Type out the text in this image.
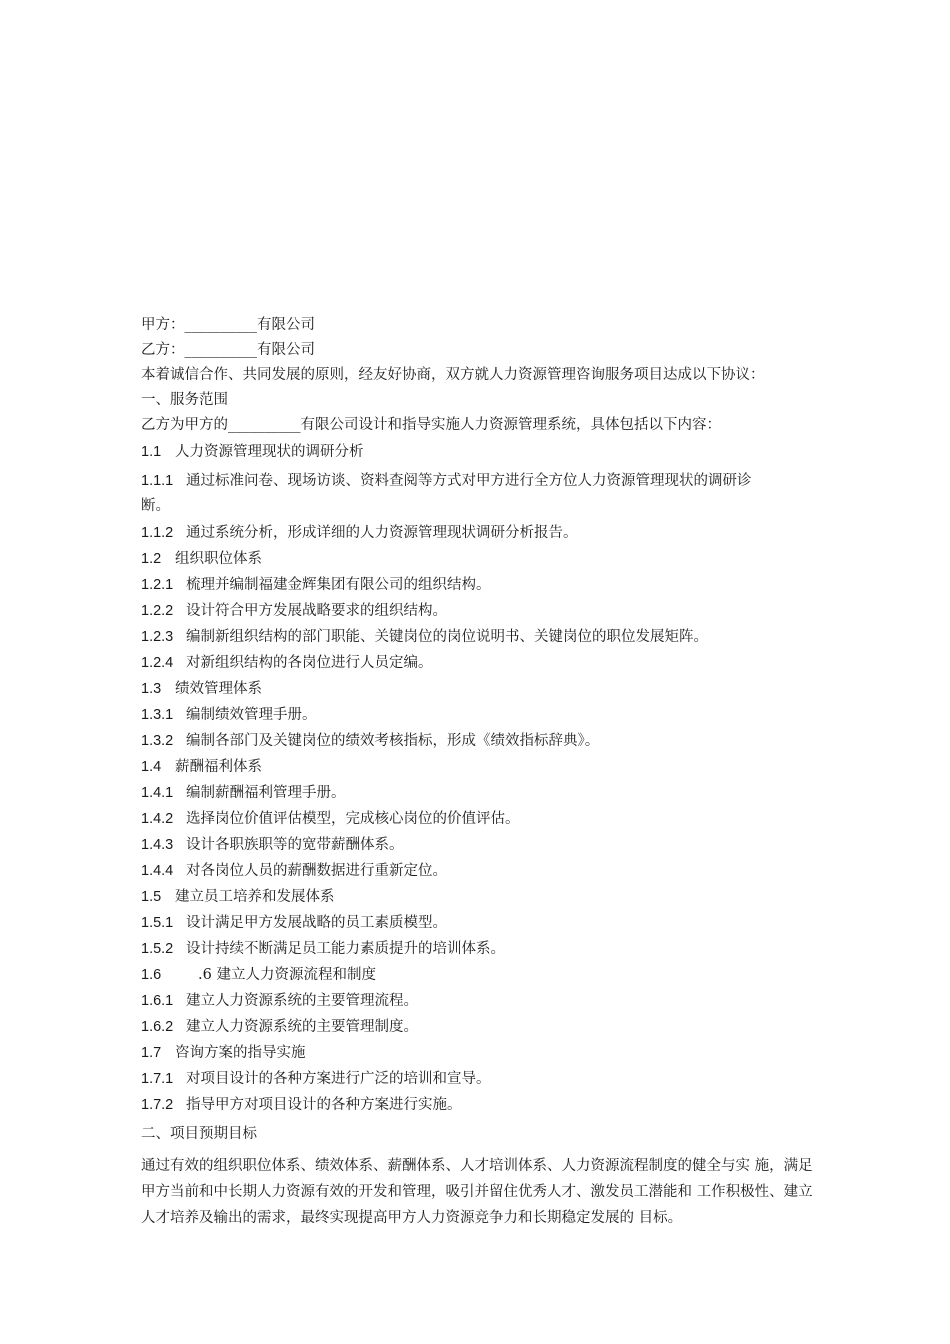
甲方：__________有限公司
乙方：__________有限公司
本着诚信合作、共同发展的原则，经友好协商，双方就人力资源管理咨询服务项目达成以下协议：
一、服务范围
乙方为甲方的__________有限公司设计和指导实施人力资源管理系统，具体包括以下内容：
1.1 人力资源管理现状的调研分析
1.1.1 通过标准问卷、现场访谈、资料查阅等方式对甲方进行全方位人力资源管理现状的调研诊
断。
1.1.2 通过系统分析，形成详细的人力资源管理现状调研分析报告。
1.2 组织职位体系
1.2.1 梳理并编制福建金辉集团有限公司的组织结构。
1.2.2 设计符合甲方发展战略要求的组织结构。
1.2.3 编制新组织结构的部门职能、关键岗位的岗位说明书、关键岗位的职位发展矩阵。
1.2.4 对新组织结构的各岗位进行人员定编。
1.3 绩效管理体系
1.3.1 编制绩效管理手册。
1.3.2 编制各部门及关键岗位的绩效考核指标，形成《绩效指标辞典》。
1.4 薪酬福利体系
1.4.1 编制薪酬福利管理手册。
1.4.2 选择岗位价值评估模型，完成核心岗位的价值评估。
1.4.3 设计各职族职等的宽带薪酬体系。
1.4.4 对各岗位人员的薪酬数据进行重新定位。
1.5 建立员工培养和发展体系
1.5.1 设计满足甲方发展战略的员工素质模型。
1.5.2 设计持续不断满足员工能力素质提升的培训体系。
1.6	.6 建立人力资源流程和制度
1.6.1 建立人力资源系统的主要管理流程。
1.6.2 建立人力资源系统的主要管理制度。
1.7 咨询方案的指导实施
1.7.1 对项目设计的各种方案进行广泛的培训和宣导。
1.7.2 指导甲方对项目设计的各种方案进行实施。
二、项目预期目标
通过有效的组织职位体系、绩效体系、薪酬体系、人才培训体系、人力资源流程制度的健全与实 施，满足甲方当前和中长期人力资源有效的开发和管理，吸引并留住优秀人才、激发员工潜能和 工作积极性、建立人才培养及输出的需求，最终实现提高甲方人力资源竞争力和长期稳定发展的 目标。
